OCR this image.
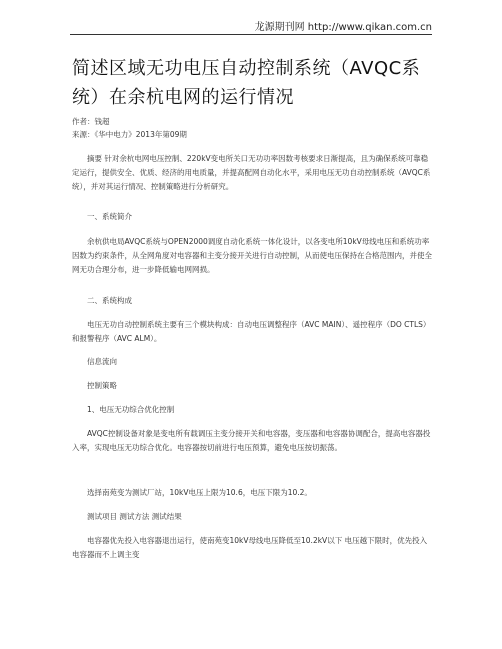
龙源期刊网 http://www.qikan.com.cn
简述区域无功电压自动控制系统（AVQC系统）在余杭电网的运行情况
作者：钱超
来源：《华中电力》2013年第09期

摘要 针对余杭电网电压控制、220kV变电所关口无功功率因数考核要求日渐提高，且为确保系统可靠稳定运行，提供安全、优质、经济的用电质量，并提高配网自动化水平，采用电压无功自动控制系统（AVQC系统），并对其运行情况、控制策略进行分析研究。

一、系统简介

余杭供电局AVQC系统与OPEN2000调度自动化系统一体化设计，以各变电所10kV母线电压和系统功率因数为约束条件，从全网角度对电容器和主变分接开关进行自动控制，从而使电压保持在合格范围内，并使全网无功合理分布，进一步降低输电网网损。

二、系统构成

电压无功自动控制系统主要有三个模块构成：自动电压调整程序（AVC MAIN）、遥控程序（DO CTLS）和报警程序（AVC ALM）。

信息流向
控制策略
1、电压无功综合优化控制

AVQC控制设备对象是变电所有载调压主变分接开关和电容器，变压器和电容器协调配合，提高电容器投入率，实现电压无功综合优化。电容器按切前进行电压预算，避免电压按切振荡。

选择南苑变为测试厂站，10kV电压上限为10.6，电压下限为10.2。
测试项目 测试方法 测试结果

电容器优先投入电容器退出运行，使南苑变10kV母线电压降低至10.2kV以下 电压越下限时，优先投入电容器而不上调主变
